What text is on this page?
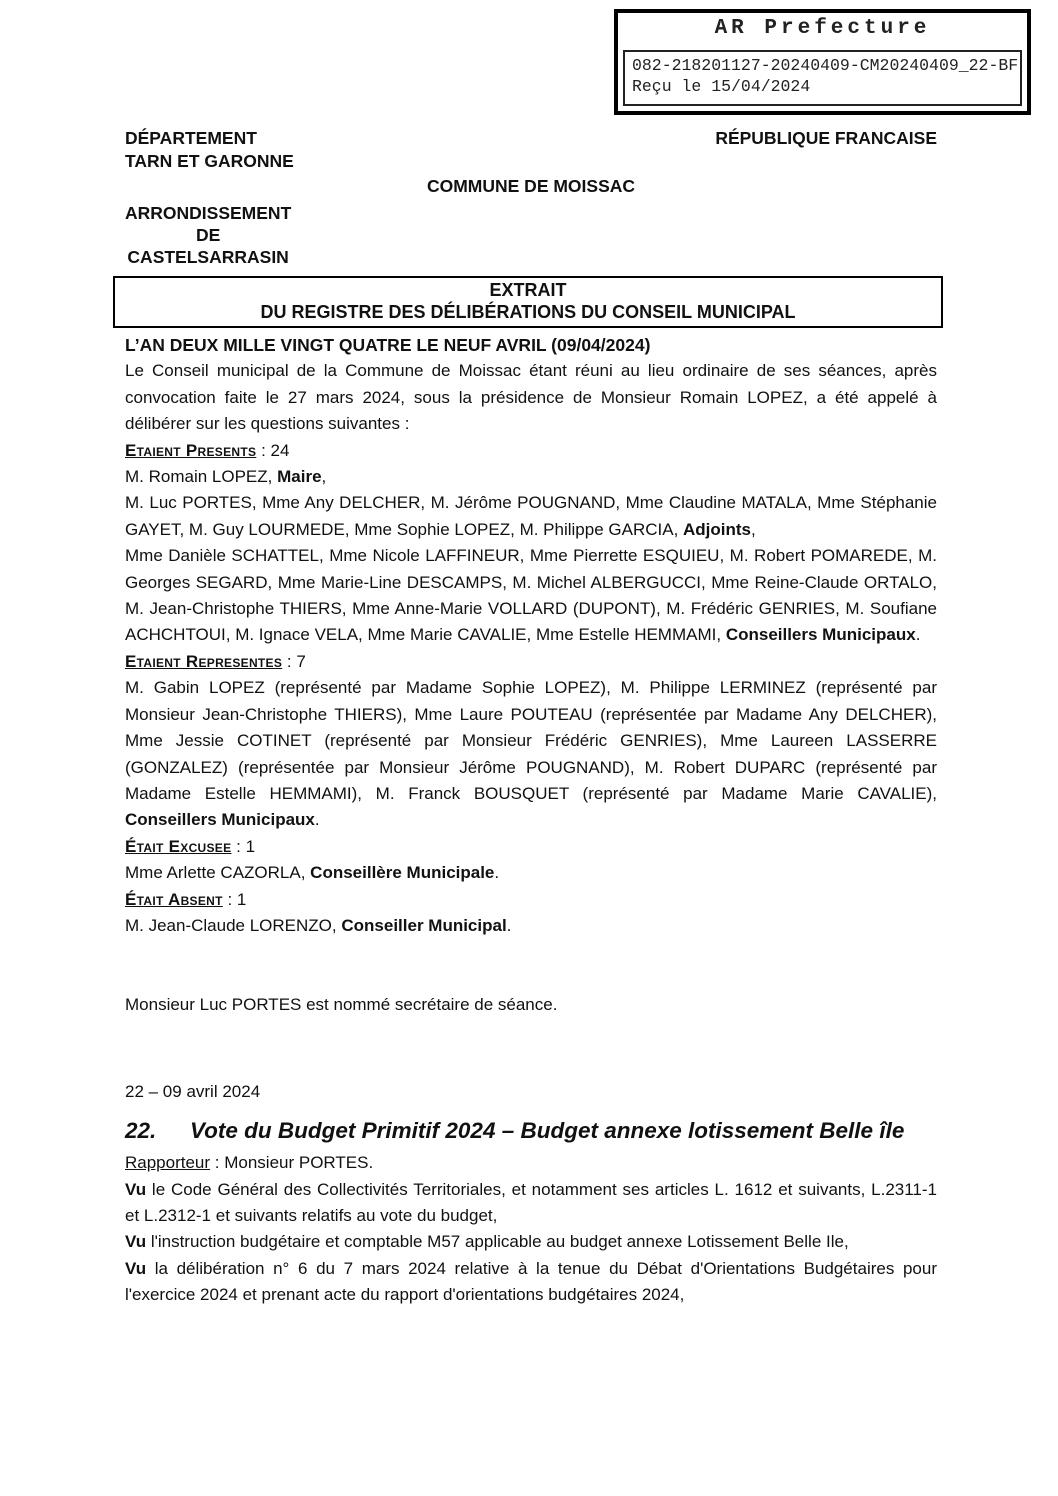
AR Prefecture
082-218201127-20240409-CM20240409_22-BF
Reçu le 15/04/2024
DÉPARTEMENT
TARN ET GARONNE
RÉPUBLIQUE FRANCAISE
COMMUNE DE MOISSAC
ARRONDISSEMENT
DE
CASTELSARRASIN
EXTRAIT
DU REGISTRE DES DÉLIBÉRATIONS DU CONSEIL MUNICIPAL
L’AN DEUX MILLE VINGT QUATRE LE NEUF AVRIL (09/04/2024)

Le Conseil municipal de la Commune de Moissac étant réuni au lieu ordinaire de ses séances, après convocation faite le 27 mars 2024, sous la présidence de Monsieur Romain LOPEZ, a été appelé à délibérer sur les questions suivantes :

Etaient Presents : 24

M. Romain LOPEZ, Maire,

M. Luc PORTES, Mme Any DELCHER, M. Jérôme POUGNAND, Mme Claudine MATALA, Mme Stéphanie GAYET, M. Guy LOURMEDE, Mme Sophie LOPEZ, M. Philippe GARCIA, Adjoints,

Mme Danièle SCHATTEL, Mme Nicole LAFFINEUR, Mme Pierrette ESQUIEU, M. Robert POMAREDE, M. Georges SEGARD, Mme Marie-Line DESCAMPS, M. Michel ALBERGUCCI, Mme Reine-Claude ORTALO, M. Jean-Christophe THIERS, Mme Anne-Marie VOLLARD (DUPONT), M. Frédéric GENRIES, M. Soufiane ACHCHTOUI, M. Ignace VELA, Mme Marie CAVALIE, Mme Estelle HEMMAMI, Conseillers Municipaux.

Etaient Representes : 7

M. Gabin LOPEZ (représenté par Madame Sophie LOPEZ), M. Philippe LERMINEZ (représenté par Monsieur Jean-Christophe THIERS), Mme Laure POUTEAU (représentée par Madame Any DELCHER), Mme Jessie COTINET (représenté par Monsieur Frédéric GENRIES), Mme Laureen LASSERRE (GONZALEZ) (représentée par Monsieur Jérôme POUGNAND), M. Robert DUPARC (représenté par Madame Estelle HEMMAMI), M. Franck BOUSQUET (représenté par Madame Marie CAVALIE), Conseillers Municipaux.

Était Excusee : 1

Mme Arlette CAZORLA, Conseillère Municipale.

Était Absent : 1

M. Jean-Claude LORENZO, Conseiller Municipal.

Monsieur Luc PORTES est nommé secrétaire de séance.

22 – 09 avril 2024

22. Vote du Budget Primitif 2024 – Budget annexe lotissement Belle île

Rapporteur : Monsieur PORTES.

Vu le Code Général des Collectivités Territoriales, et notamment ses articles L. 1612 et suivants, L.2311-1 et L.2312-1 et suivants relatifs au vote du budget,

Vu l'instruction budgétaire et comptable M57 applicable au budget annexe Lotissement Belle Ile,

Vu la délibération n° 6 du 7 mars 2024 relative à la tenue du Débat d'Orientations Budgétaires pour l'exercice 2024 et prenant acte du rapport d'orientations budgétaires 2024,
